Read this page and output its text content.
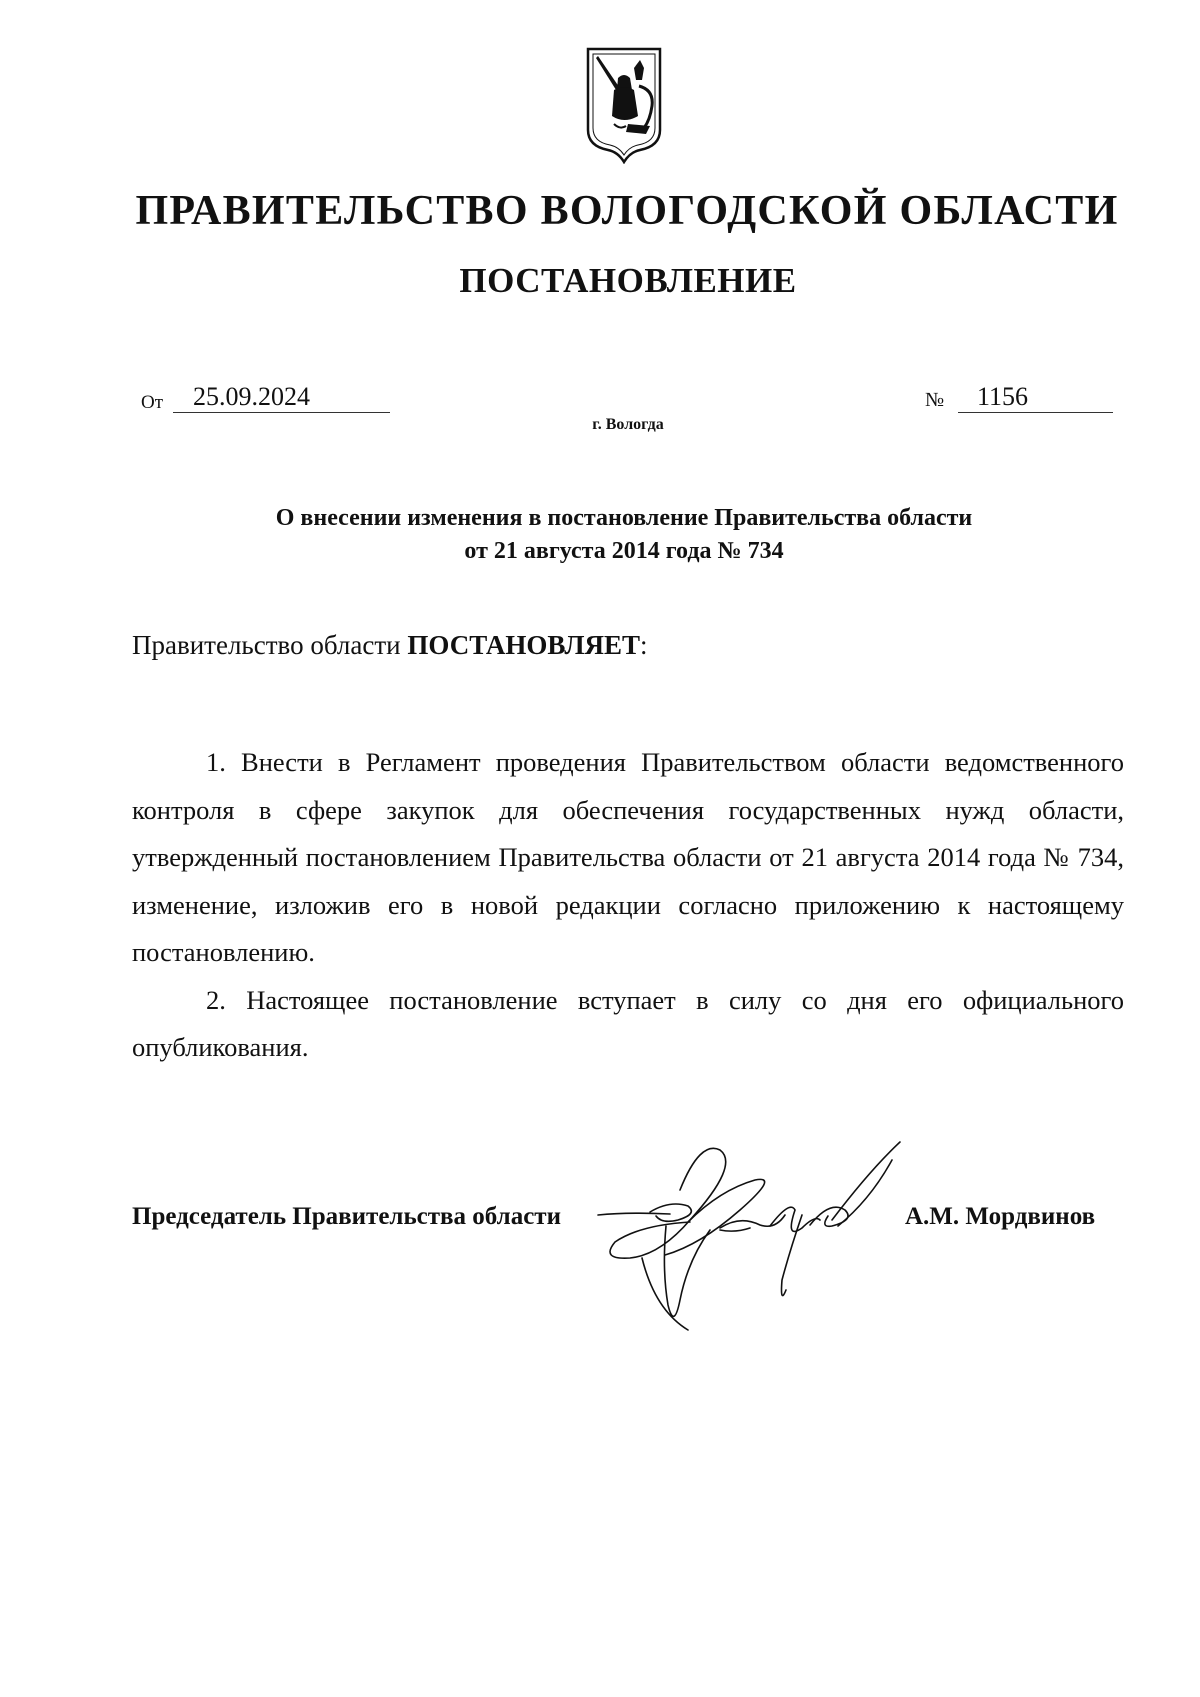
ПРАВИТЕЛЬСТВО ВОЛОГОДСКОЙ ОБЛАСТИ
ПОСТАНОВЛЕНИЕ
От 25.09.2024	№ 1156
г. Вологда
О внесении изменения в постановление Правительства области
от 21 августа 2014 года № 734
Правительство области ПОСТАНОВЛЯЕТ:

1. Внести в Регламент проведения Правительством области ведомственного контроля в сфере закупок для обеспечения государственных нужд области, утвержденный постановлением Правительства области от 21 августа 2014 года № 734, изменение, изложив его в новой редакции согласно приложению к настоящему постановлению.

2. Настоящее постановление вступает в силу со дня его официального опубликования.

Председатель Правительства области	А.М. Мордвинов
